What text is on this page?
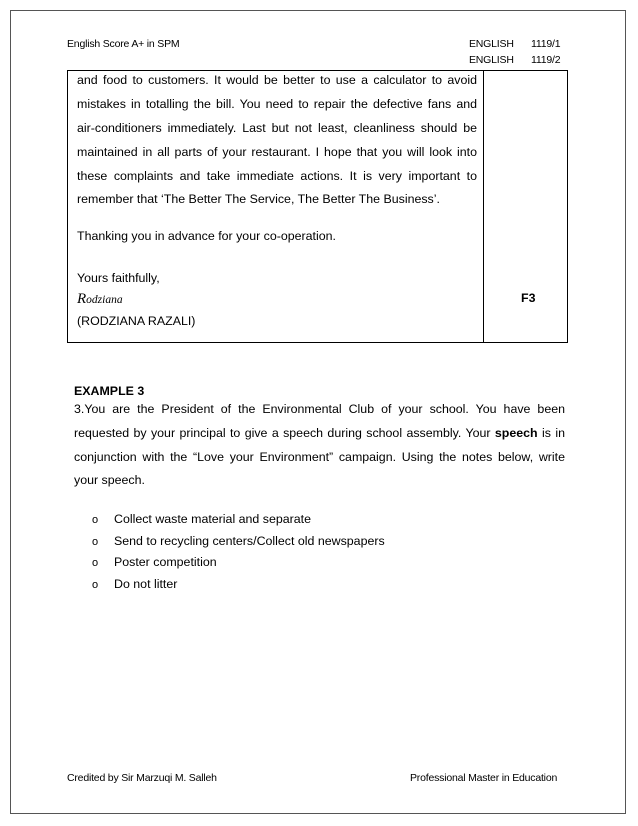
English Score A+ in SPM	ENGLISH 1119/1
ENGLISH 1119/2
and food to customers. It would be better to use a calculator to avoid
mistakes in totalling the bill. You need to repair the defective fans and
air-conditioners immediately. Last but not least, cleanliness should be
maintained in all parts of your restaurant. I hope that you will look into
these complaints and take immediate actions. It is very important to
remember that ‘The Better The Service, The Better The Business’.
Thanking you in advance for your co-operation.
Yours faithfully,
Rodziana
(RODZIANA RAZALI)
F3
EXAMPLE 3
3.You are the President of the Environmental Club of your school. You have been
requested by your principal to give a speech during school assembly. Your speech is in
conjunction with the “Love your Environment” campaign. Using the notes below, write
your speech.
o Collect waste material and separate
o Send to recycling centers/Collect old newspapers
o Poster competition
o Do not litter
Credited by Sir Marzuqi M. Salleh	Professional Master in Education
